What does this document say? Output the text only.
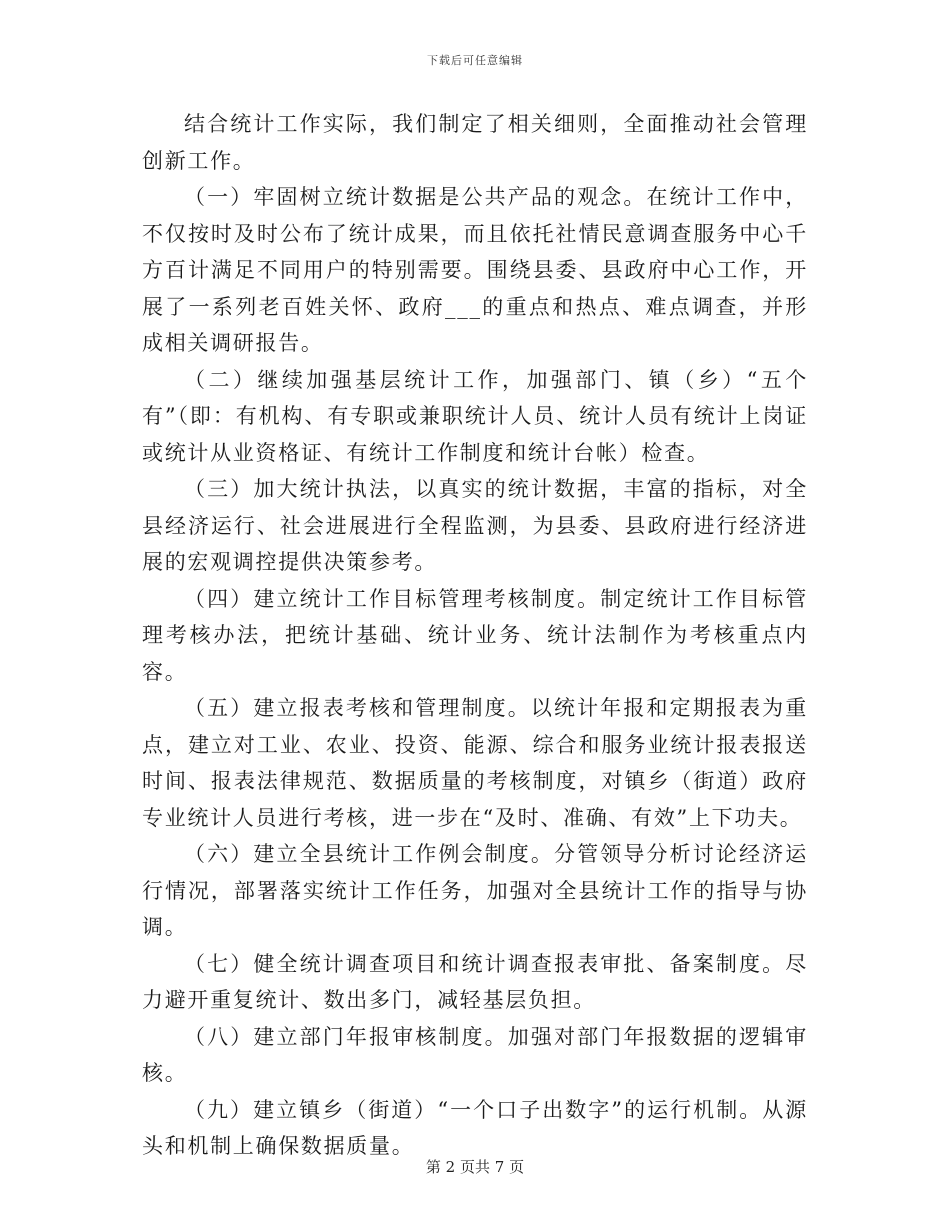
下载后可任意编辑

结合统计工作实际，我们制定了相关细则，全面推动社会管理创新工作。

（一）牢固树立统计数据是公共产品的观念。在统计工作中，不仅按时及时公布了统计成果，而且依托社情民意调查服务中心千方百计满足不同用户的特别需要。围绕县委、县政府中心工作，开展了一系列老百姓关怀、政府___的重点和热点、难点调查，并形成相关调研报告。

（二）继续加强基层统计工作，加强部门、镇（乡）“五个有”（即：有机构、有专职或兼职统计人员、统计人员有统计上岗证或统计从业资格证、有统计工作制度和统计台帐）检查。

（三）加大统计执法，以真实的统计数据，丰富的指标，对全县经济运行、社会进展进行全程监测，为县委、县政府进行经济进展的宏观调控提供决策参考。

（四）建立统计工作目标管理考核制度。制定统计工作目标管理考核办法，把统计基础、统计业务、统计法制作为考核重点内容。

（五）建立报表考核和管理制度。以统计年报和定期报表为重点，建立对工业、农业、投资、能源、综合和服务业统计报表报送时间、报表法律规范、数据质量的考核制度，对镇乡（街道）政府专业统计人员进行考核，进一步在“及时、准确、有效”上下功夫。

（六）建立全县统计工作例会制度。分管领导分析讨论经济运行情况，部署落实统计工作任务，加强对全县统计工作的指导与协调。

（七）健全统计调查项目和统计调查报表审批、备案制度。尽力避开重复统计、数出多门，减轻基层负担。

（八）建立部门年报审核制度。加强对部门年报数据的逻辑审核。

（九）建立镇乡（街道）“一个口子出数字”的运行机制。从源头和机制上确保数据质量。

第 2 页共 7 页
